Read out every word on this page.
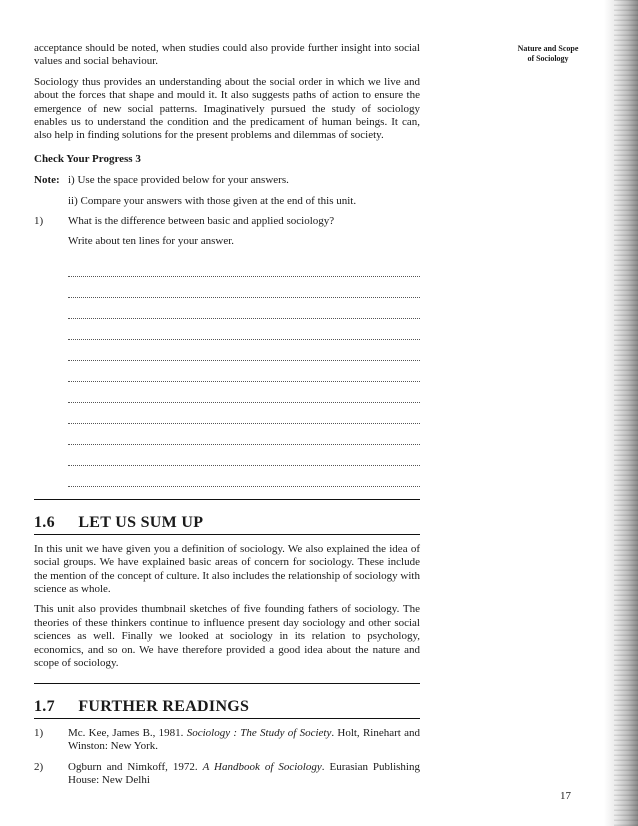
Nature and Scope
of Sociology

acceptance should be noted, when studies could also provide further insight into social values and social behaviour.

Sociology thus provides an understanding about the social order in which we live and about the forces that shape and mould it. It also suggests paths of action to ensure the emergence of new social patterns. Imaginatively pursued the study of sociology enables us to understand the condition and the predicament of human beings. It can, also help in finding solutions for the present problems and dilemmas of society.

Check Your Progress 3
Note: i) Use the space provided below for your answers.
ii) Compare your answers with those given at the end of this unit.
1)	What is the difference between basic and applied sociology?
Write about ten lines for your answer.
1.6 LET US SUM UP

In this unit we have given you a definition of sociology. We also explained the idea of social groups. We have explained basic areas of concern for sociology. These include the mention of the concept of culture. It also includes the relationship of sociology with science as whole.

This unit also provides thumbnail sketches of five founding fathers of sociology. The theories of these thinkers continue to influence present day sociology and other social sciences as well. Finally we looked at sociology in its relation to psychology, economics, and so on. We have therefore provided a good idea about the nature and scope of sociology.

1.7 FURTHER READINGS
1)	Mc. Kee, James B., 1981. Sociology : The Study of Society. Holt, Rinehart and Winston: New York.
2)	Ogburn and Nimkoff, 1972. A Handbook of Sociology. Eurasian Publishing House: New Delhi
17
